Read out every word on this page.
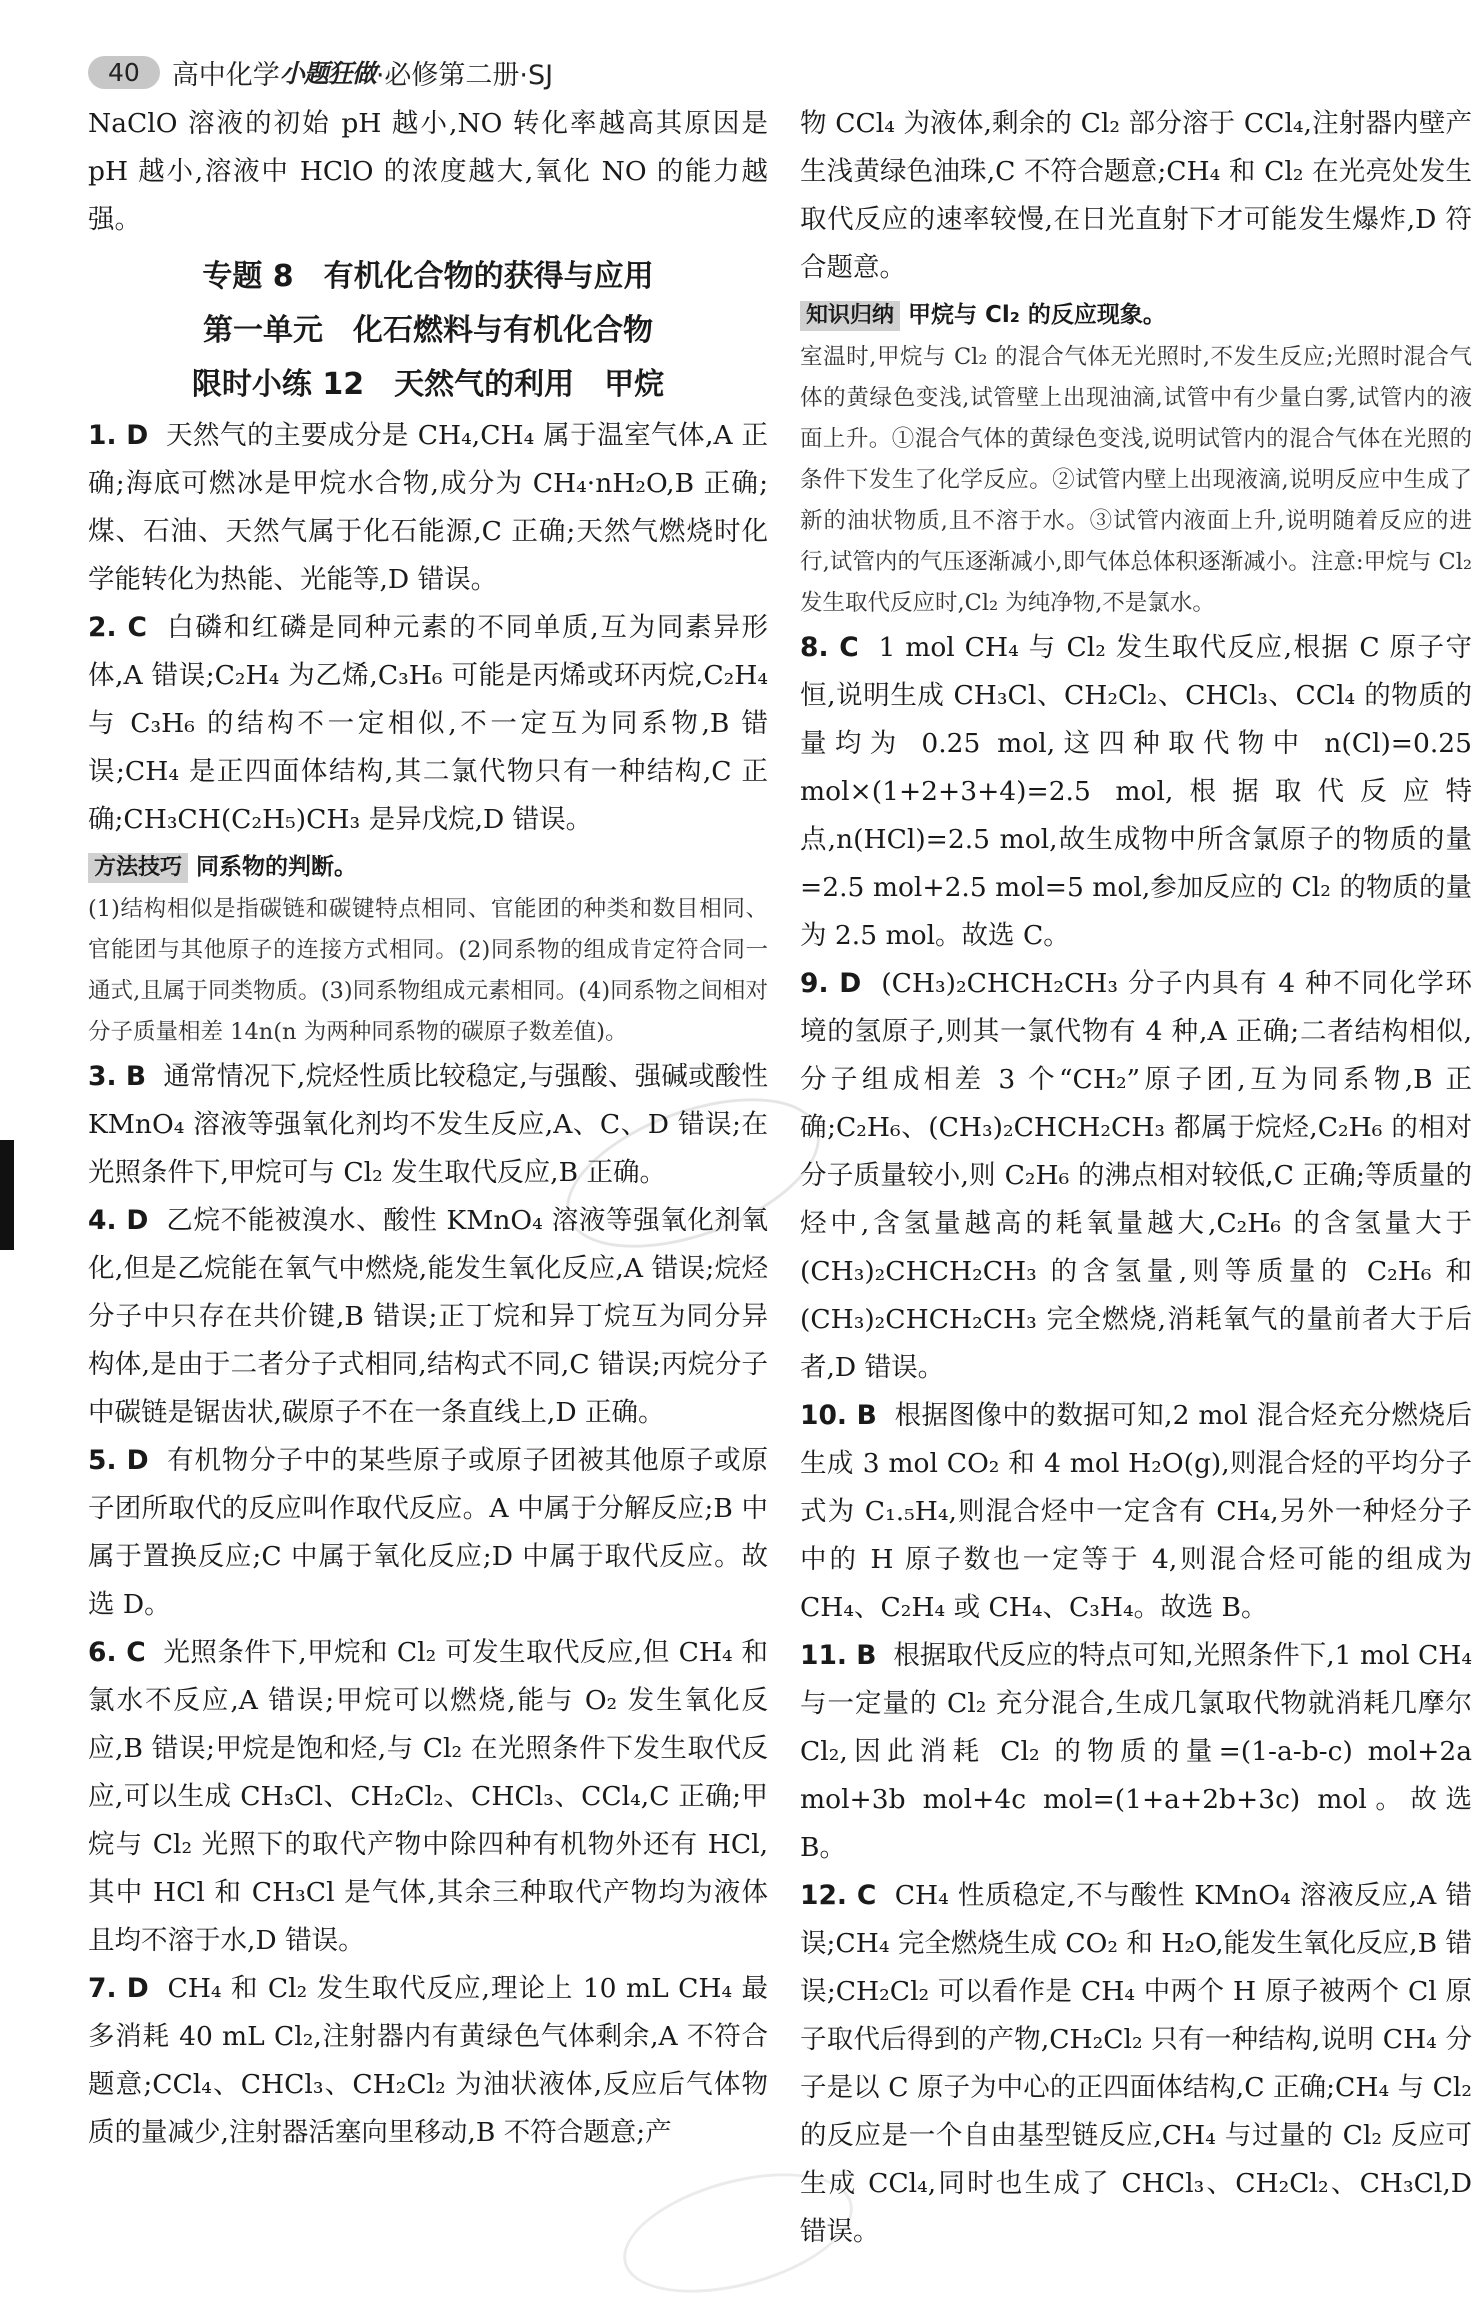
40	高中化学 小题狂做 ·必修第二册·SJ

NaClO 溶液的初始 pH 越小,NO 转化率越高其原因是 pH 越小,溶液中 HClO 的浓度越大,氧化 NO 的能力越强。

专题 8　有机化合物的获得与应用
第一单元　化石燃料与有机化合物
限时小练 12　天然气的利用　甲烷

1. D 天然气的主要成分是 CH₄,CH₄ 属于温室气体,A 正确;海底可燃冰是甲烷水合物,成分为 CH₄·nH₂O,B 正确;煤、石油、天然气属于化石能源,C 正确;天然气燃烧时化学能转化为热能、光能等,D 错误。

2. C 白磷和红磷是同种元素的不同单质,互为同素异形体,A 错误;C₂H₄ 为乙烯,C₃H₆ 可能是丙烯或环丙烷,C₂H₄ 与 C₃H₆ 的结构不一定相似,不一定互为同系物,B 错误;CH₄ 是正四面体结构,其二氯代物只有一种结构,C 正确;CH₃CH(C₂H₅)CH₃ 是异戊烷,D 错误。

方法技巧 同系物的判断。

(1)结构相似是指碳链和碳键特点相同、官能团的种类和数目相同、官能团与其他原子的连接方式相同。(2)同系物的组成肯定符合同一通式,且属于同类物质。(3)同系物组成元素相同。(4)同系物之间相对分子质量相差 14n(n 为两种同系物的碳原子数差值)。

3. B 通常情况下,烷烃性质比较稳定,与强酸、强碱或酸性 KMnO₄ 溶液等强氧化剂均不发生反应,A、C、D 错误;在光照条件下,甲烷可与 Cl₂ 发生取代反应,B 正确。

4. D 乙烷不能被溴水、酸性 KMnO₄ 溶液等强氧化剂氧化,但是乙烷能在氧气中燃烧,能发生氧化反应,A 错误;烷烃分子中只存在共价键,B 错误;正丁烷和异丁烷互为同分异构体,是由于二者分子式相同,结构式不同,C 错误;丙烷分子中碳链是锯齿状,碳原子不在一条直线上,D 正确。

5. D 有机物分子中的某些原子或原子团被其他原子或原子团所取代的反应叫作取代反应。A 中属于分解反应;B 中属于置换反应;C 中属于氧化反应;D 中属于取代反应。故选 D。

6. C 光照条件下,甲烷和 Cl₂ 可发生取代反应,但 CH₄ 和氯水不反应,A 错误;甲烷可以燃烧,能与 O₂ 发生氧化反应,B 错误;甲烷是饱和烃,与 Cl₂ 在光照条件下发生取代反应,可以生成 CH₃Cl、CH₂Cl₂、CHCl₃、CCl₄,C 正确;甲烷与 Cl₂ 光照下的取代产物中除四种有机物外还有 HCl,其中 HCl 和 CH₃Cl 是气体,其余三种取代产物均为液体且均不溶于水,D 错误。

7. D CH₄ 和 Cl₂ 发生取代反应,理论上 10 mL CH₄ 最多消耗 40 mL Cl₂,注射器内有黄绿色气体剩余,A 不符合题意;CCl₄、CHCl₃、CH₂Cl₂ 为油状液体,反应后气体物质的量减少,注射器活塞向里移动,B 不符合题意;产

物 CCl₄ 为液体,剩余的 Cl₂ 部分溶于 CCl₄,注射器内壁产生浅黄绿色油珠,C 不符合题意;CH₄ 和 Cl₂ 在光亮处发生取代反应的速率较慢,在日光直射下才可能发生爆炸,D 符合题意。

知识归纳 甲烷与 Cl₂ 的反应现象。

室温时,甲烷与 Cl₂ 的混合气体无光照时,不发生反应;光照时混合气体的黄绿色变浅,试管壁上出现油滴,试管中有少量白雾,试管内的液面上升。①混合气体的黄绿色变浅,说明试管内的混合气体在光照的条件下发生了化学反应。②试管内壁上出现液滴,说明反应中生成了新的油状物质,且不溶于水。③试管内液面上升,说明随着反应的进行,试管内的气压逐渐减小,即气体总体积逐渐减小。注意:甲烷与 Cl₂ 发生取代反应时,Cl₂ 为纯净物,不是氯水。

8. C 1 mol CH₄ 与 Cl₂ 发生取代反应,根据 C 原子守恒,说明生成 CH₃Cl、CH₂Cl₂、CHCl₃、CCl₄ 的物质的量均为 0.25 mol,这四种取代物中 n(Cl)=0.25 mol×(1+2+3+4)=2.5 mol,根据取代反应特点,n(HCl)=2.5 mol,故生成物中所含氯原子的物质的量=2.5 mol+2.5 mol=5 mol,参加反应的 Cl₂ 的物质的量为 2.5 mol。故选 C。

9. D (CH₃)₂CHCH₂CH₃ 分子内具有 4 种不同化学环境的氢原子,则其一氯代物有 4 种,A 正确;二者结构相似,分子组成相差 3 个“CH₂”原子团,互为同系物,B 正确;C₂H₆、(CH₃)₂CHCH₂CH₃ 都属于烷烃,C₂H₆ 的相对分子质量较小,则 C₂H₆ 的沸点相对较低,C 正确;等质量的烃中,含氢量越高的耗氧量越大,C₂H₆ 的含氢量大于(CH₃)₂CHCH₂CH₃ 的含氢量,则等质量的 C₂H₆ 和(CH₃)₂CHCH₂CH₃ 完全燃烧,消耗氧气的量前者大于后者,D 错误。

10. B 根据图像中的数据可知,2 mol 混合烃充分燃烧后生成 3 mol CO₂ 和 4 mol H₂O(g),则混合烃的平均分子式为 C₁.₅H₄,则混合烃中一定含有 CH₄,另外一种烃分子中的 H 原子数也一定等于 4,则混合烃可能的组成为 CH₄、C₂H₄ 或 CH₄、C₃H₄。故选 B。

11. B 根据取代反应的特点可知,光照条件下,1 mol CH₄ 与一定量的 Cl₂ 充分混合,生成几氯取代物就消耗几摩尔 Cl₂,因此消耗 Cl₂ 的物质的量=(1-a-b-c) mol+2a mol+3b mol+4c mol=(1+a+2b+3c) mol。故选 B。

12. C CH₄ 性质稳定,不与酸性 KMnO₄ 溶液反应,A 错误;CH₄ 完全燃烧生成 CO₂ 和 H₂O,能发生氧化反应,B 错误;CH₂Cl₂ 可以看作是 CH₄ 中两个 H 原子被两个 Cl 原子取代后得到的产物,CH₂Cl₂ 只有一种结构,说明 CH₄ 分子是以 C 原子为中心的正四面体结构,C 正确;CH₄ 与 Cl₂ 的反应是一个自由基型链反应,CH₄ 与过量的 Cl₂ 反应可生成 CCl₄,同时也生成了 CHCl₃、CH₂Cl₂、CH₃Cl,D 错误。
